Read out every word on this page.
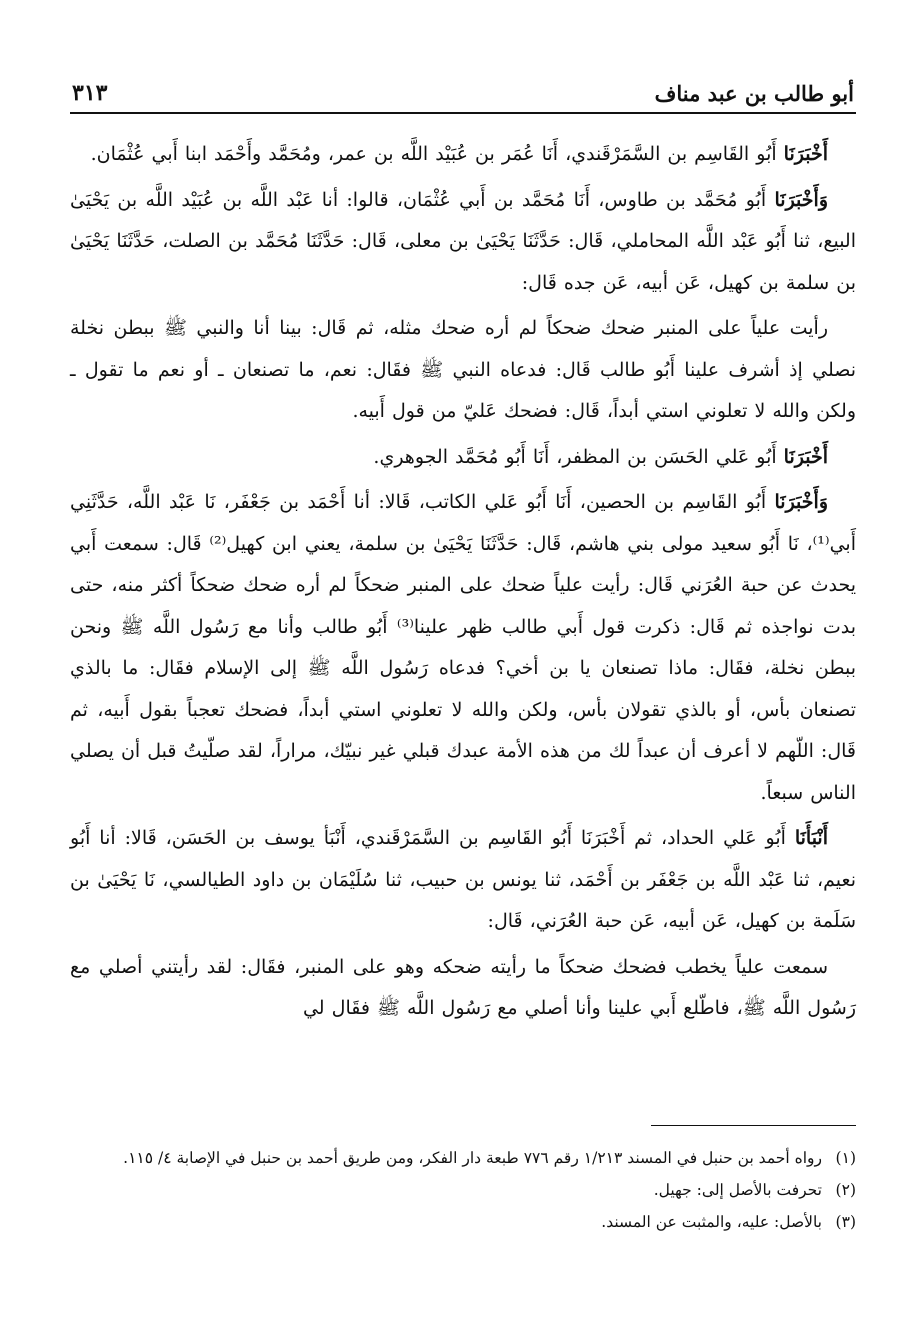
أبو طالب بن عبد مناف
٣١٣

أَخْبَرَنَا أَبُو القَاسِم بن السَّمَرْقَندي، أَنَا عُمَر بن عُبَيْد اللَّه بن عمر، ومُحَمَّد وأَحْمَد ابنا أَبي عُثْمَان.

وَأَخْبَرَنَا أَبُو مُحَمَّد بن طاوس، أَنَا مُحَمَّد بن أَبي عُثْمَان، قالوا: أنا عَبْد اللَّه بن عُبَيْد اللَّه بن يَحْيَىٰ البيع، ثنا أَبُو عَبْد اللَّه المحاملي، قَال: حَدَّثَنَا يَحْيَىٰ بن معلى، قَال: حَدَّثَنَا مُحَمَّد بن الصلت، حَدَّثَنَا يَحْيَىٰ بن سلمة بن كهيل، عَن أبيه، عَن جده قَال:

رأيت علياً على المنبر ضحك ضحكاً لم أره ضحك مثله، ثم قَال: بينا أنا والنبي ﷺ ببطن نخلة نصلي إذ أشرف علينا أَبُو طالب قَال: فدعاه النبي ﷺ فقَال: نعم، ما تصنعان ـ أو نعم ما تقول ـ ولكن والله لا تعلوني استي أبداً، قَال: فضحك عَليّ من قول أَبيه.

أَخْبَرَنَا أَبُو عَلي الحَسَن بن المظفر، أَنَا أَبُو مُحَمَّد الجوهري.

وَأَخْبَرَنَا أَبُو القَاسِم بن الحصين، أَنَا أَبُو عَلي الكاتب، قَالا: أنا أَحْمَد بن جَعْفَر، نَا عَبْد اللَّه، حَدَّثَنِي أَبي⁽¹⁾، نَا أَبُو سعيد مولى بني هاشم، قَال: حَدَّثَنَا يَحْيَىٰ بن سلمة، يعني ابن كهيل⁽²⁾ قَال: سمعت أَبي يحدث عن حبة العُرَني قَال: رأيت علياً ضحك على المنبر ضحكاً لم أره ضحك ضحكاً أكثر منه، حتى بدت نواجذه ثم قَال: ذكرت قول أَبي طالب ظهر علينا⁽³⁾ أَبُو طالب وأنا مع رَسُول اللَّه ﷺ ونحن ببطن نخلة، فقَال: ماذا تصنعان يا بن أخي؟ فدعاه رَسُول اللَّه ﷺ إلى الإسلام فقَال: ما بالذي تصنعان بأس، أو بالذي تقولان بأس، ولكن والله لا تعلوني استي أبداً، فضحك تعجباً بقول أَبيه، ثم قَال: اللّهم لا أعرف أن عبداً لك من هذه الأمة عبدك قبلي غير نبيّك، مراراً، لقد صلّيتُ قبل أن يصلي الناس سبعاً.

أَنْبَأَنَا أَبُو عَلي الحداد، ثم أَخْبَرَنَا أَبُو القَاسِم بن السَّمَرْقَندي، أَنْبَأ يوسف بن الحَسَن، قَالا: أنا أَبُو نعيم، ثنا عَبْد اللَّه بن جَعْفَر بن أَحْمَد، ثنا يونس بن حبيب، ثنا سُلَيْمَان بن داود الطيالسي، نَا يَحْيَىٰ بن سَلَمة بن كهيل، عَن أبيه، عَن حبة العُرَني، قَال:

سمعت علياً يخطب فضحك ضحكاً ما رأيته ضحكه وهو على المنبر، فقَال: لقد رأيتني أصلي مع رَسُول اللَّه ﷺ، فاطّلع أَبي علينا وأنا أصلي مع رَسُول اللَّه ﷺ فقَال لي

(١)
رواه أحمد بن حنبل في المسند ١/٢١٣ رقم ٧٧٦ طبعة دار الفكر، ومن طريق أحمد بن حنبل في الإصابة ٤/ ١١٥.
(٢)
تحرفت بالأصل إلى: جهيل.
(٣)
بالأصل: عليه، والمثبت عن المسند.
